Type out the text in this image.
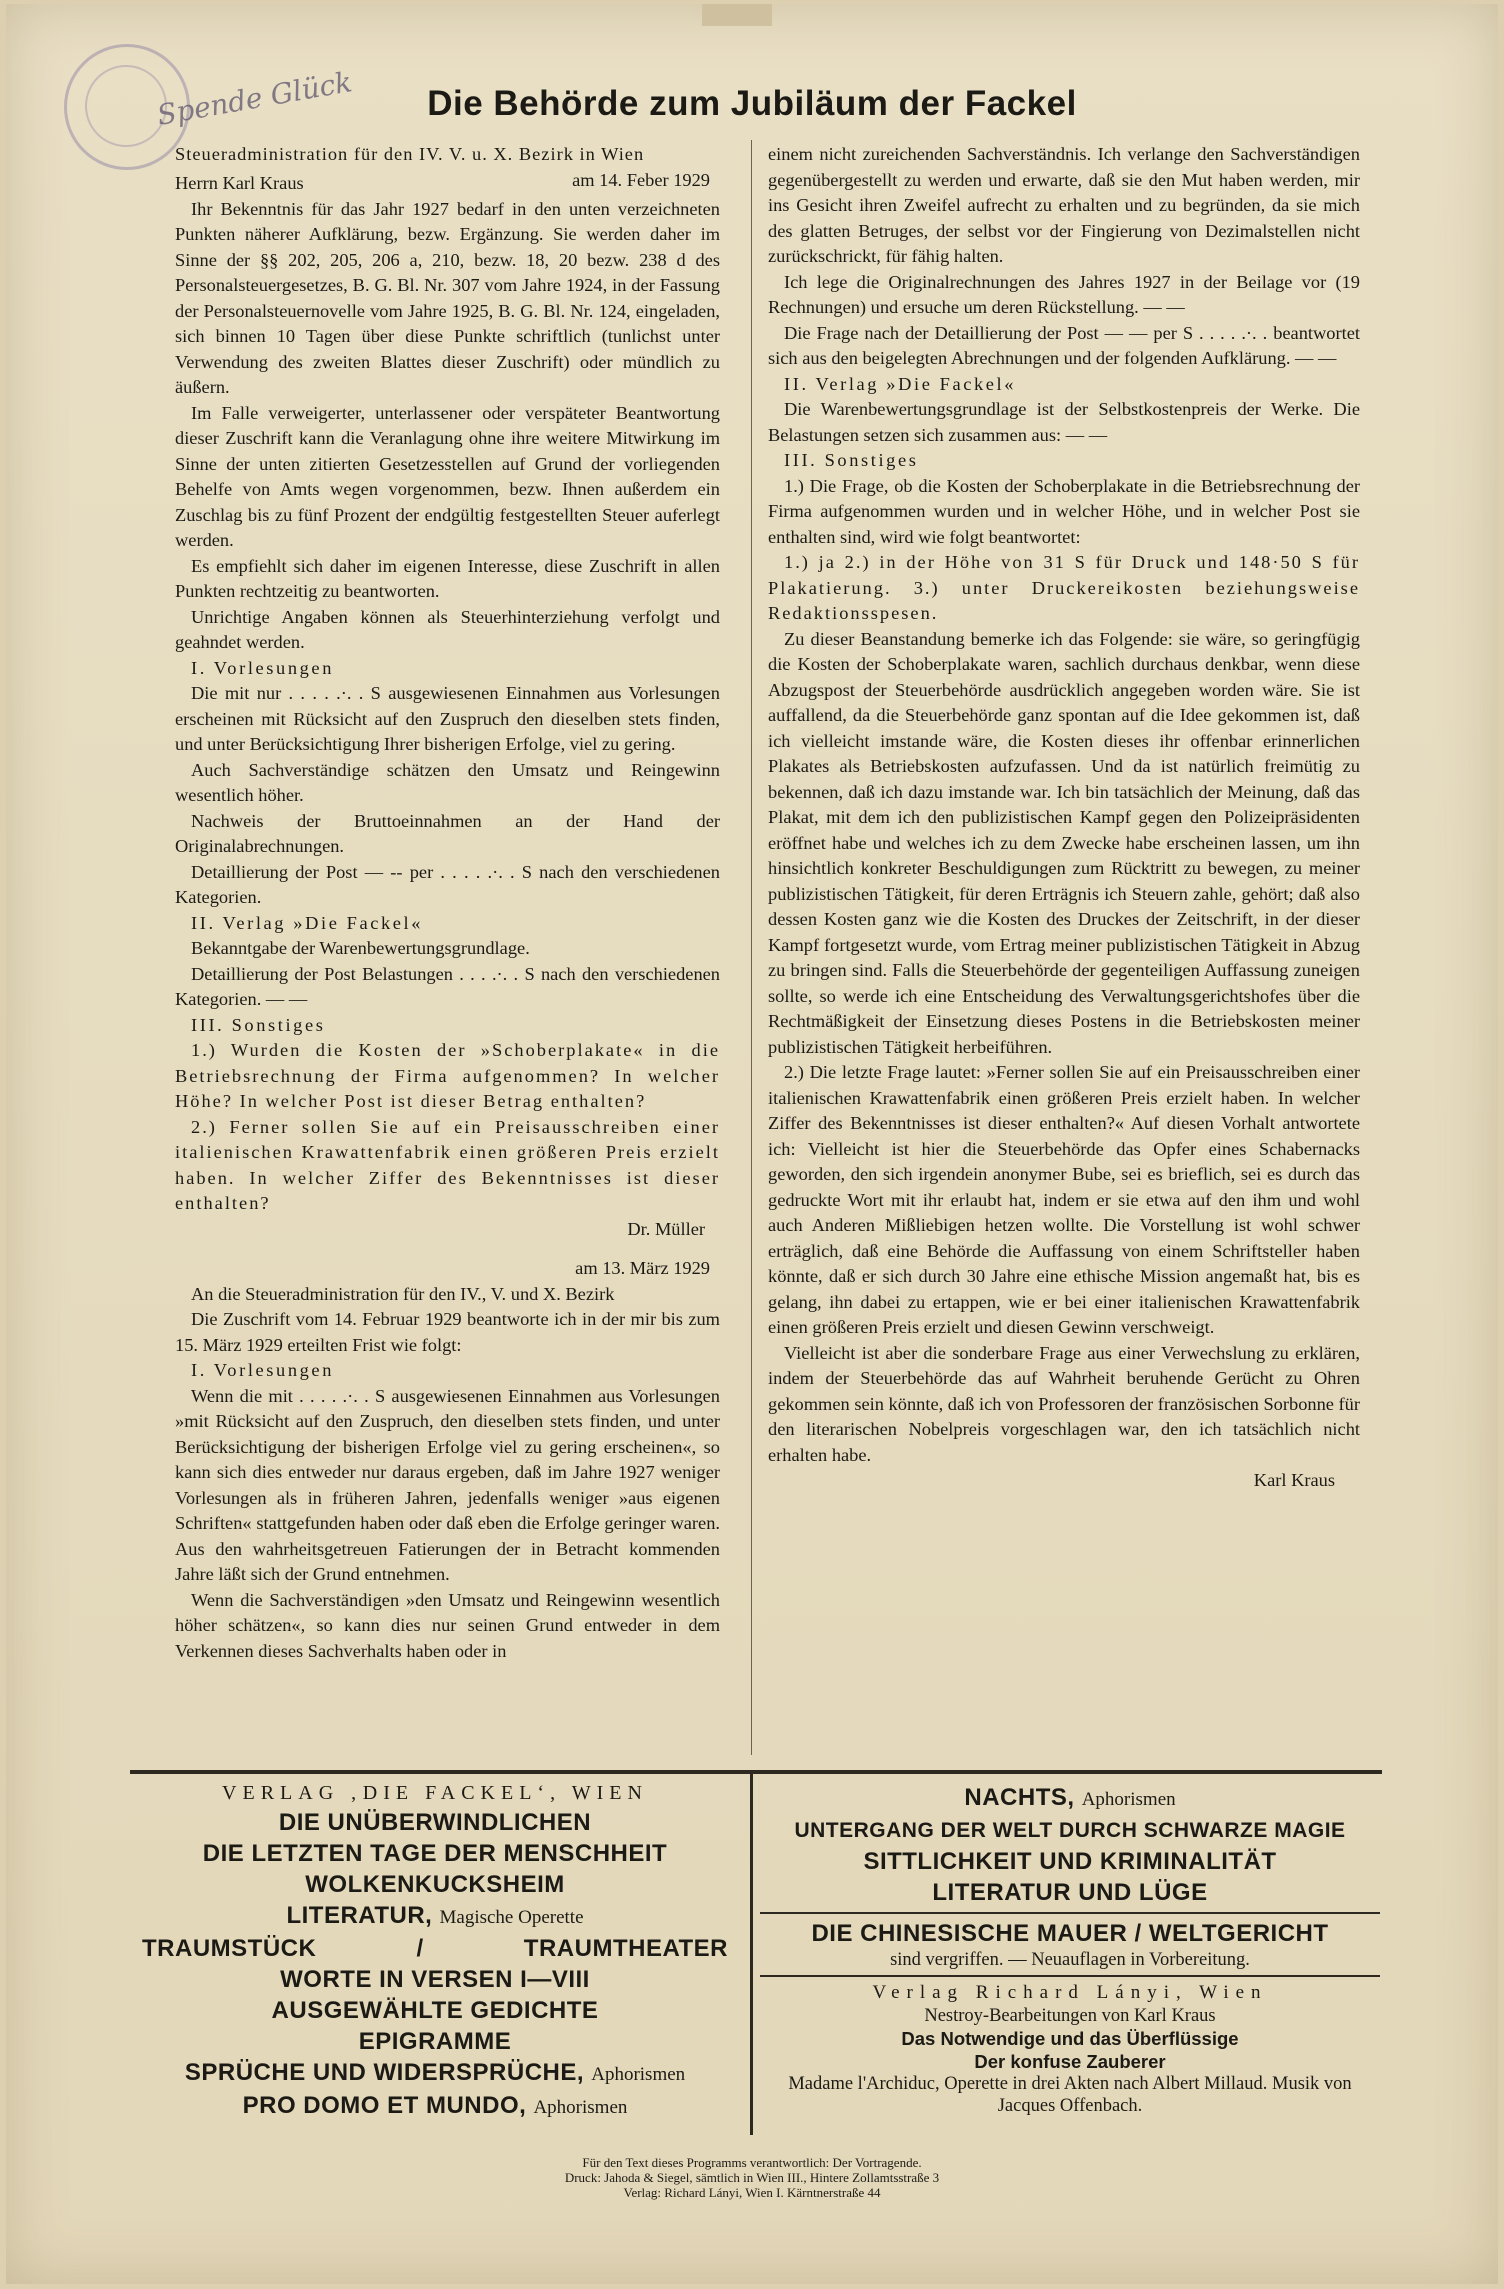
Spende Glück	Die Behörde zum Jubiläum der Fackel

Steueradministration für den IV. V. u. X. Bezirk in Wien

am 14. Feber 1929

Herrn Karl Kraus

Ihr Bekenntnis für das Jahr 1927 bedarf in den unten verzeichneten Punkten näherer Aufklärung, bezw. Ergänzung. Sie werden daher im Sinne der §§ 202, 205, 206 a, 210, bezw. 18, 20 bezw. 238 d des Personalsteuergesetzes, B. G. Bl. Nr. 307 vom Jahre 1924, in der Fassung der Personalsteuernovelle vom Jahre 1925, B. G. Bl. Nr. 124, eingeladen, sich binnen 10 Tagen über diese Punkte schriftlich (tunlichst unter Verwendung des zweiten Blattes dieser Zuschrift) oder mündlich zu äußern.

Im Falle verweigerter, unterlassener oder verspäteter Beantwortung dieser Zuschrift kann die Veranlagung ohne ihre weitere Mitwirkung im Sinne der unten zitierten Gesetzesstellen auf Grund der vorliegenden Behelfe von Amts wegen vorgenommen, bezw. Ihnen außerdem ein Zuschlag bis zu fünf Prozent der endgültig festgestellten Steuer auferlegt werden.

Es empfiehlt sich daher im eigenen Interesse, diese Zuschrift in allen Punkten rechtzeitig zu beantworten.

Unrichtige Angaben können als Steuerhinterziehung verfolgt und geahndet werden.

I. Vorlesungen

Die mit nur . . . . .·. . S ausgewiesenen Einnahmen aus Vorlesungen erscheinen mit Rücksicht auf den Zuspruch den dieselben stets finden, und unter Berücksichtigung Ihrer bisherigen Erfolge, viel zu gering.

Auch Sachverständige schätzen den Umsatz und Reingewinn wesentlich höher.

Nachweis der Bruttoeinnahmen an der Hand der Originalabrechnungen.

Detaillierung der Post — -- per . . . . .·. . S nach den verschiedenen Kategorien.

II. Verlag »Die Fackel«

Bekanntgabe der Warenbewertungsgrundlage.

Detaillierung der Post Belastungen . . . .·. . S nach den verschiedenen Kategorien. — —

III. Sonstiges

1.) Wurden die Kosten der »Schoberplakate« in die Betriebsrechnung der Firma aufgenommen? In welcher Höhe? In welcher Post ist dieser Betrag enthalten?

2.) Ferner sollen Sie auf ein Preisausschreiben einer italienischen Krawattenfabrik einen größeren Preis erzielt haben. In welcher Ziffer des Bekenntnisses ist dieser enthalten?

Dr. Müller

am 13. März 1929

An die Steueradministration für den IV., V. und X. Bezirk

Die Zuschrift vom 14. Februar 1929 beantworte ich in der mir bis zum 15. März 1929 erteilten Frist wie folgt:

I. Vorlesungen

Wenn die mit . . . . .·. . S ausgewiesenen Einnahmen aus Vorlesungen »mit Rücksicht auf den Zuspruch, den dieselben stets finden, und unter Berücksichtigung der bisherigen Erfolge viel zu gering erscheinen«, so kann sich dies entweder nur daraus ergeben, daß im Jahre 1927 weniger Vorlesungen als in früheren Jahren, jedenfalls weniger »aus eigenen Schriften« stattgefunden haben oder daß eben die Erfolge geringer waren. Aus den wahrheitsgetreuen Fatierungen der in Betracht kommenden Jahre läßt sich der Grund entnehmen.

Wenn die Sachverständigen »den Umsatz und Reingewinn wesentlich höher schätzen«, so kann dies nur seinen Grund entweder in dem Verkennen dieses Sachverhalts haben oder in

einem nicht zureichenden Sachverständnis. Ich verlange den Sachverständigen gegenübergestellt zu werden und erwarte, daß sie den Mut haben werden, mir ins Gesicht ihren Zweifel aufrecht zu erhalten und zu begründen, da sie mich des glatten Betruges, der selbst vor der Fingierung von Dezimalstellen nicht zurückschrickt, für fähig halten.

Ich lege die Originalrechnungen des Jahres 1927 in der Beilage vor (19 Rechnungen) und ersuche um deren Rückstellung. — —

Die Frage nach der Detaillierung der Post — — per S . . . . .·. . beantwortet sich aus den beigelegten Abrechnungen und der folgenden Aufklärung. — —

II. Verlag »Die Fackel«

Die Warenbewertungsgrundlage ist der Selbstkostenpreis der Werke. Die Belastungen setzen sich zusammen aus: — —

III. Sonstiges

1.) Die Frage, ob die Kosten der Schoberplakate in die Betriebsrechnung der Firma aufgenommen wurden und in welcher Höhe, und in welcher Post sie enthalten sind, wird wie folgt beantwortet:

1.) ja 2.) in der Höhe von 31 S für Druck und 148·50 S für Plakatierung. 3.) unter Druckereikosten beziehungsweise Redaktionsspesen.

Zu dieser Beanstandung bemerke ich das Folgende: sie wäre, so geringfügig die Kosten der Schoberplakate waren, sachlich durchaus denkbar, wenn diese Abzugspost der Steuerbehörde ausdrücklich angegeben worden wäre. Sie ist auffallend, da die Steuerbehörde ganz spontan auf die Idee gekommen ist, daß ich vielleicht imstande wäre, die Kosten dieses ihr offenbar erinnerlichen Plakates als Betriebskosten aufzufassen. Und da ist natürlich freimütig zu bekennen, daß ich dazu imstande war. Ich bin tatsächlich der Meinung, daß das Plakat, mit dem ich den publizistischen Kampf gegen den Polizeipräsidenten eröffnet habe und welches ich zu dem Zwecke habe erscheinen lassen, um ihn hinsichtlich konkreter Beschuldigungen zum Rücktritt zu bewegen, zu meiner publizistischen Tätigkeit, für deren Erträgnis ich Steuern zahle, gehört; daß also dessen Kosten ganz wie die Kosten des Druckes der Zeitschrift, in der dieser Kampf fortgesetzt wurde, vom Ertrag meiner publizistischen Tätigkeit in Abzug zu bringen sind. Falls die Steuerbehörde der gegenteiligen Auffassung zuneigen sollte, so werde ich eine Entscheidung des Verwaltungsgerichtshofes über die Rechtmäßigkeit der Einsetzung dieses Postens in die Betriebskosten meiner publizistischen Tätigkeit herbeiführen.

2.) Die letzte Frage lautet: »Ferner sollen Sie auf ein Preisausschreiben einer italienischen Krawattenfabrik einen größeren Preis erzielt haben. In welcher Ziffer des Bekenntnisses ist dieser enthalten?« Auf diesen Vorhalt antwortete ich: Vielleicht ist hier die Steuerbehörde das Opfer eines Schabernacks geworden, den sich irgendein anonymer Bube, sei es brieflich, sei es durch das gedruckte Wort mit ihr erlaubt hat, indem er sie etwa auf den ihm und wohl auch Anderen Mißliebigen hetzen wollte. Die Vorstellung ist wohl schwer erträglich, daß eine Behörde die Auffassung von einem Schriftsteller haben könnte, daß er sich durch 30 Jahre eine ethische Mission angemaßt hat, bis es gelang, ihn dabei zu ertappen, wie er bei einer italienischen Krawattenfabrik einen größeren Preis erzielt und diesen Gewinn verschweigt.

Vielleicht ist aber die sonderbare Frage aus einer Verwechslung zu erklären, indem der Steuerbehörde das auf Wahrheit beruhende Gerücht zu Ohren gekommen sein könnte, daß ich von Professoren der französischen Sorbonne für den literarischen Nobelpreis vorgeschlagen war, den ich tatsächlich nicht erhalten habe.

Karl Kraus

VERLAG ‚DIE FACKEL‘, WIEN
DIE UNÜBERWINDLICHEN
DIE LETZTEN TAGE DER MENSCHHEIT
WOLKENKUCKSHEIM
LITERATUR, Magische Operette
TRAUMSTÜCK	/	TRAUMTHEATER
WORTE IN VERSEN I—VIII
AUSGEWÄHLTE GEDICHTE
EPIGRAMME
SPRÜCHE UND WIDERSPRÜCHE, Aphorismen
PRO DOMO ET MUNDO, Aphorismen
NACHTS, Aphorismen
UNTERGANG DER WELT DURCH SCHWARZE MAGIE
SITTLICHKEIT UND KRIMINALITÄT
LITERATUR UND LÜGE
DIE CHINESISCHE MAUER / WELTGERICHT
sind vergriffen. — Neuauflagen in Vorbereitung.
Verlag Richard Lányi, Wien
Nestroy-Bearbeitungen von Karl Kraus
Das Notwendige und das Überflüssige
Der konfuse Zauberer
Madame l'Archiduc, Operette in drei Akten nach Albert Millaud. Musik von Jacques Offenbach.
Für den Text dieses Programms verantwortlich: Der Vortragende.
Druck: Jahoda & Siegel, sämtlich in Wien III., Hintere Zollamtsstraße 3
Verlag: Richard Lányi, Wien I. Kärntnerstraße 44
